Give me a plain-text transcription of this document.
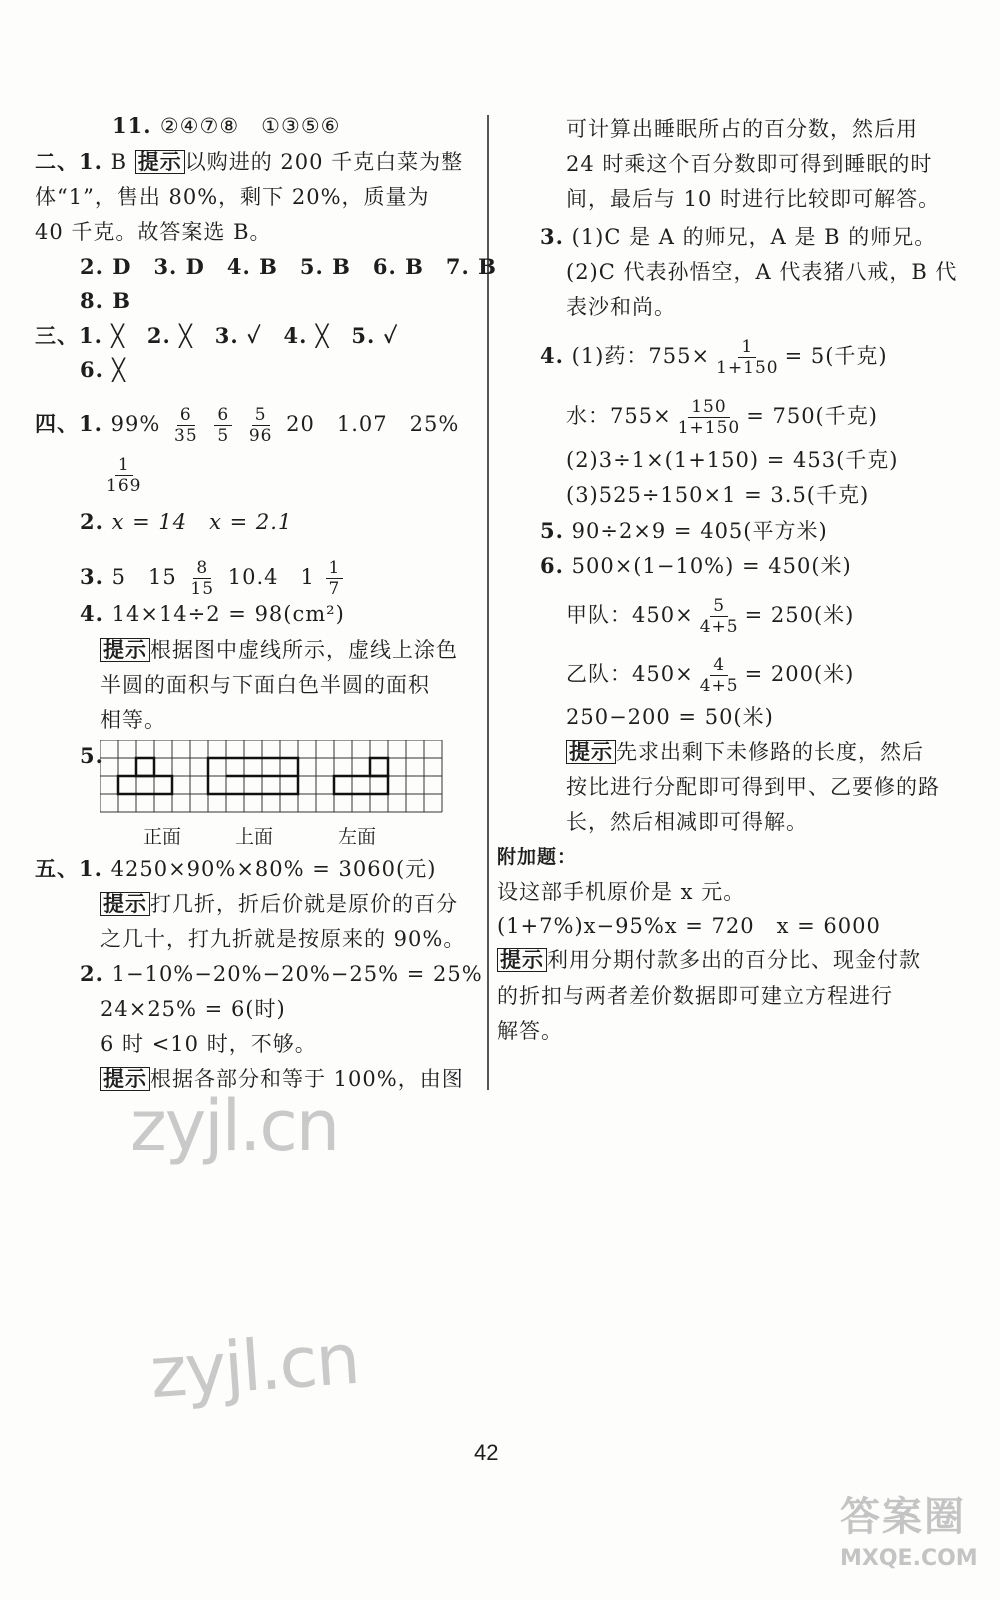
11. ②④⑦⑧　①③⑤⑥
二、1. B 提示 以购进的 200 千克白菜为整
体“1”，售出 80%，剩下 20%，质量为
40 千克。故答案选 B。
2. D　3. D　4. B　5. B　6. B　7. B
8. B
三、1. ╳　2. ╳　3. ✓　4. ╳　5. ✓
6. ╳
四、1. $99\% \frac{6}{35}$
$\frac{6}{5}$
$\frac{5}{96} 20$　1.07　25%
$\frac{1}{169}$
2. x = 14　x = 2.1
3. 5　$15 \frac{8}{15} 10.4$　$1 \frac{1}{7}$
4. 14×14÷2 = 98(cm²)
提示 根据图中虚线所示，虚线上涂色
半圆的面积与下面白色半圆的面积
相等。
5.
正面	上面	左面
五、1. 4250×90%×80% = 3060(元)
提示 打几折，折后价就是原价的百分
之几十，打九折就是按原来的 90%。
2. 1−10%−20%−20%−25% = 25%
24×25% = 6(时)
6 时 <10 时，不够。
提示 根据各部分和等于 100%，由图
可计算出睡眠所占的百分数，然后用
24 时乘这个百分数即可得到睡眠的时
间，最后与 10 时进行比较即可解答。
3. (1)C 是 A 的师兄，A 是 B 的师兄。
(2)C 代表孙悟空，A 代表猪八戒，B 代
表沙和尚。
4. (1)药：$755\times \frac{1}{1+150} = 5$(千克)
水：$755\times \frac{150}{1+150} = 750$(千克)
(2)3÷1×(1+150) = 453(千克)
(3)525÷150×1 = 3.5(千克)
5. 90÷2×9 = 405(平方米)
6. 500×(1−10%) = 450(米)
甲队：$450\times \frac{5}{4+5} = 250$(米)
乙队：$450\times \frac{4}{4+5} = 200$(米)
250−200 = 50(米)
提示 先求出剩下未修路的长度，然后
按比进行分配即可得到甲、乙要修的路
长，然后相减即可得解。
附加题：
设这部手机原价是 x 元。
(1+7%)x−95%x = 720　x = 6000
提示 利用分期付款多出的百分比、现金付款
的折扣与两者差价数据即可建立方程进行
解答。
zyjl.cn
zyjl.cn
42
答案圈
MXQE.COM
